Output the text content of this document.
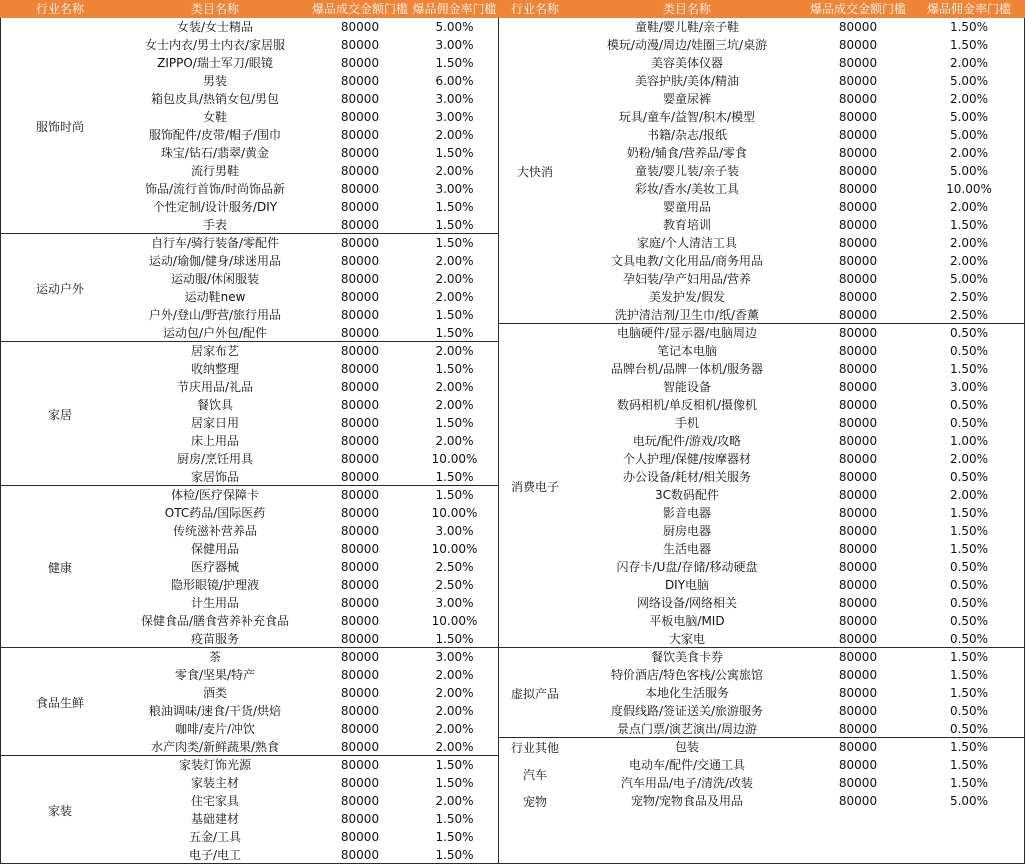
行业名称	类目名称	爆品成交金额门槛 爆品佣金率门槛
服饰时尚
女装/女士精品	80000	5.00%
女士内衣/男士内衣/家居服	80000	3.00%
ZIPPO/瑞士军刀/眼镜	80000	1.50%
男装	80000	6.00%
箱包皮具/热销女包/男包	80000	3.00%
女鞋	80000	3.00%
服饰配件/皮带/帽子/围巾	80000	2.00%
珠宝/钻石/翡翠/黄金	80000	1.50%
流行男鞋	80000	2.00%
饰品/流行首饰/时尚饰品新	80000	3.00%
个性定制/设计服务/DIY	80000	1.50%
手表	80000	1.50%
运动户外
自行车/骑行装备/零配件	80000	1.50%
运动/瑜伽/健身/球迷用品	80000	2.00%
运动服/休闲服装	80000	2.00%
运动鞋new	80000	2.00%
户外/登山/野营/旅行用品	80000	1.50%
运动包/户外包/配件	80000	1.50%
家居
居家布艺	80000	2.00%
收纳整理	80000	1.50%
节庆用品/礼品	80000	2.00%
餐饮具	80000	2.00%
居家日用	80000	1.50%
床上用品	80000	2.00%
厨房/烹饪用具	80000	10.00%
家居饰品	80000	1.50%
健康
体检/医疗保障卡	80000	1.50%
OTC药品/国际医药	80000	10.00%
传统滋补营养品	80000	3.00%
保健用品	80000	10.00%
医疗器械	80000	2.50%
隐形眼镜/护理液	80000	2.50%
计生用品	80000	3.00%
保健食品/膳食营养补充食品	80000	10.00%
疫苗服务	80000	1.50%
食品生鲜
茶	80000	3.00%
零食/坚果/特产	80000	2.00%
酒类	80000	2.00%
粮油调味/速食/干货/烘焙	80000	2.00%
咖啡/麦片/冲饮	80000	2.00%
水产肉类/新鲜蔬果/熟食	80000	2.00%
家装
家装灯饰光源	80000	1.50%
家装主材	80000	1.50%
住宅家具	80000	2.00%
基础建材	80000	1.50%
五金/工具	80000	1.50%
电子/电工	80000	1.50%
行业名称	类目名称	爆品成交金额门槛	爆品佣金率门槛
大快消
童鞋/婴儿鞋/亲子鞋	80000	1.50%
模玩/动漫/周边/娃圈三坑/桌游	80000	1.50%
美容美体仪器	80000	2.00%
美容护肤/美体/精油	80000	5.00%
婴童尿裤	80000	2.00%
玩具/童车/益智/积木/模型	80000	5.00%
书籍/杂志/报纸	80000	5.00%
奶粉/辅食/营养品/零食	80000	2.00%
童装/婴儿装/亲子装	80000	5.00%
彩妆/香水/美妆工具	80000	10.00%
婴童用品	80000	2.00%
教育培训	80000	1.50%
家庭/个人清洁工具	80000	2.00%
文具电教/文化用品/商务用品	80000	2.00%
孕妇装/孕产妇用品/营养	80000	5.00%
美发护发/假发	80000	2.50%
洗护清洁剂/卫生巾/纸/香薰	80000	2.50%
消费电子
电脑硬件/显示器/电脑周边	80000	0.50%
笔记本电脑	80000	0.50%
品牌台机/品牌一体机/服务器	80000	1.50%
智能设备	80000	3.00%
数码相机/单反相机/摄像机	80000	0.50%
手机	80000	0.50%
电玩/配件/游戏/攻略	80000	1.00%
个人护理/保健/按摩器材	80000	2.00%
办公设备/耗材/相关服务	80000	0.50%
3C数码配件	80000	2.00%
影音电器	80000	1.50%
厨房电器	80000	1.50%
生活电器	80000	1.50%
闪存卡/U盘/存储/移动硬盘	80000	0.50%
DIY电脑	80000	0.50%
网络设备/网络相关	80000	0.50%
平板电脑/MID	80000	0.50%
大家电	80000	0.50%
虚拟产品
餐饮美食卡券	80000	1.50%
特价酒店/特色客栈/公寓旅馆	80000	1.50%
本地化生活服务	80000	1.50%
度假线路/签证送关/旅游服务	80000	0.50%
景点门票/演艺演出/周边游	80000	0.50%
行业其他	包装	80000	1.50%
汽车
电动车/配件/交通工具	80000	1.50%
汽车用品/电子/清洗/改装	80000	1.50%
宠物	宠物/宠物食品及用品	80000	5.00%
